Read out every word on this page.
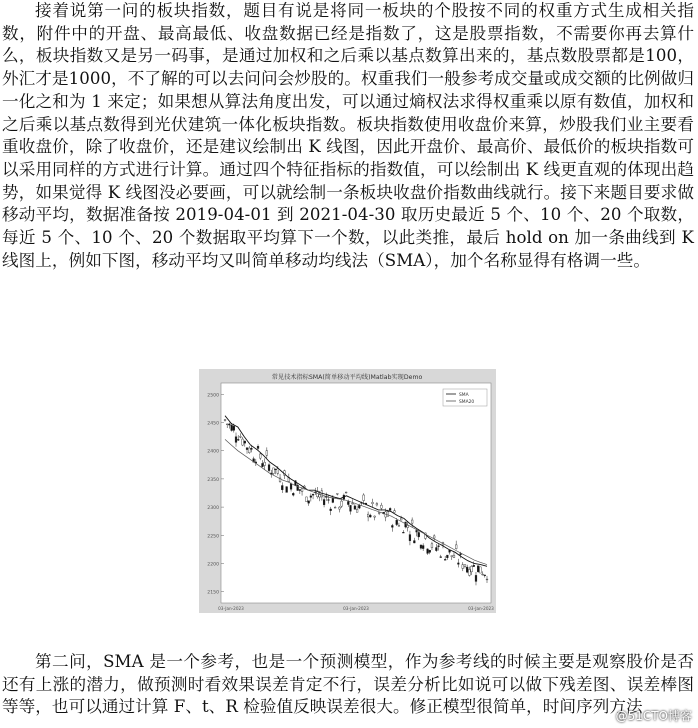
接着说第一问的板块指数，题目有说是将同一板块的个股按不同的权重方式生成相关指数，附件中的开盘、最高最低、收盘数据已经是指数了，这是股票指数，不需要你再去算什么，板块指数又是另一码事，是通过加权和之后乘以基点数算出来的，基点数股票都是100，外汇才是1000，不了解的可以去问问会炒股的。权重我们一般参考成交量或成交额的比例做归一化之和为 1 来定；如果想从算法角度出发，可以通过熵权法求得权重乘以原有数值，加权和之后乘以基点数得到光伏建筑一体化板块指数。板块指数使用收盘价来算，炒股我们业主要看重收盘价，除了收盘价，还是建议绘制出 K 线图，因此开盘价、最高价、最低价的板块指数可以采用同样的方式进行计算。通过四个特征指标的指数值，可以绘制出 K 线更直观的体现出趋势，如果觉得 K 线图没必要画，可以就绘制一条板块收盘价指数曲线就行。接下来题目要求做移动平均，数据准备按 2019-04-01 到 2021-04-30 取历史最近 5 个、10 个、20 个取数，每近 5 个、10 个、20 个数据取平均算下一个数，以此类推，最后 hold on 加一条曲线到 K 线图上，例如下图，移动平均又叫简单移动均线法（SMA），加个名称显得有格调一些。
常见技术指标SMA(简单移动平均线)Matlab实现Demo
2500
2450
2400
2350
2300
2250
2200
2150
03-Jan-2023	03-Jan-2023	03-Jan-2023
SMA
SMA20
第二问，SMA 是一个参考，也是一个预测模型，作为参考线的时候主要是观察股价是否还有上涨的潜力，做预测时看效果误差肯定不行，误差分析比如说可以做下残差图、误差棒图等等，也可以通过计算 F、t、R 检验值反映误差很大。修正模型很简单，时间序列方法
@51CTO博客
